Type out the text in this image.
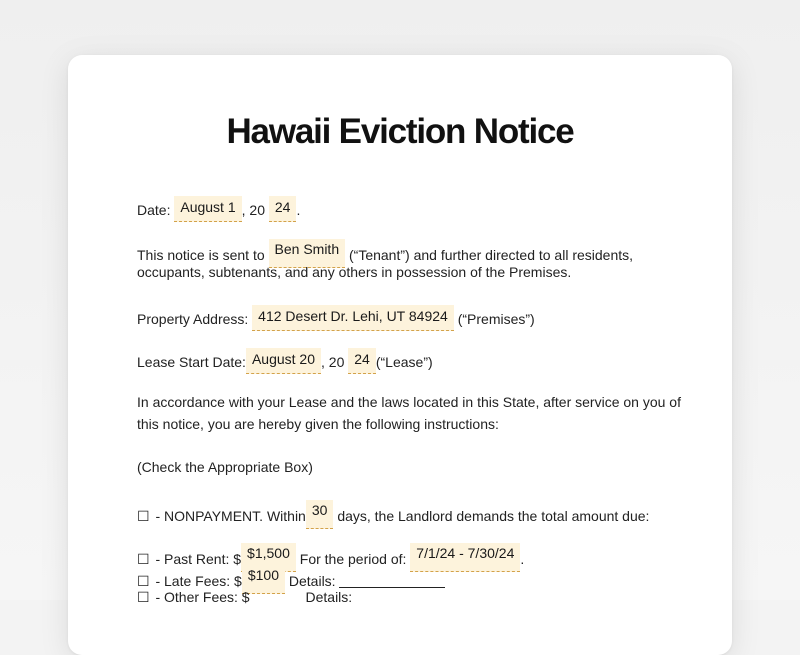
Hawaii Eviction Notice
Date: August 1 , 20 24 .
This notice is sent to Ben Smith (“Tenant”) and further directed to all residents,
occupants, subtenants, and any others in possession of the Premises.
Property Address: 412 Desert Dr. Lehi, UT 84924 (“Premises”)
Lease Start Date: August 20 , 20 24 (“Lease”)
In accordance with your Lease and the laws located in this State, after service on you of
this notice, you are hereby given the following instructions:
(Check the Appropriate Box)
☐ - NONPAYMENT. Within 30 days, the Landlord demands the total amount due:
☐ - Past Rent: $ $1,500 For the period of: 7/1/24 - 7/30/24 .
☐ - Late Fees: $ $100 Details:
☐ - Other Fees: $	Details:
